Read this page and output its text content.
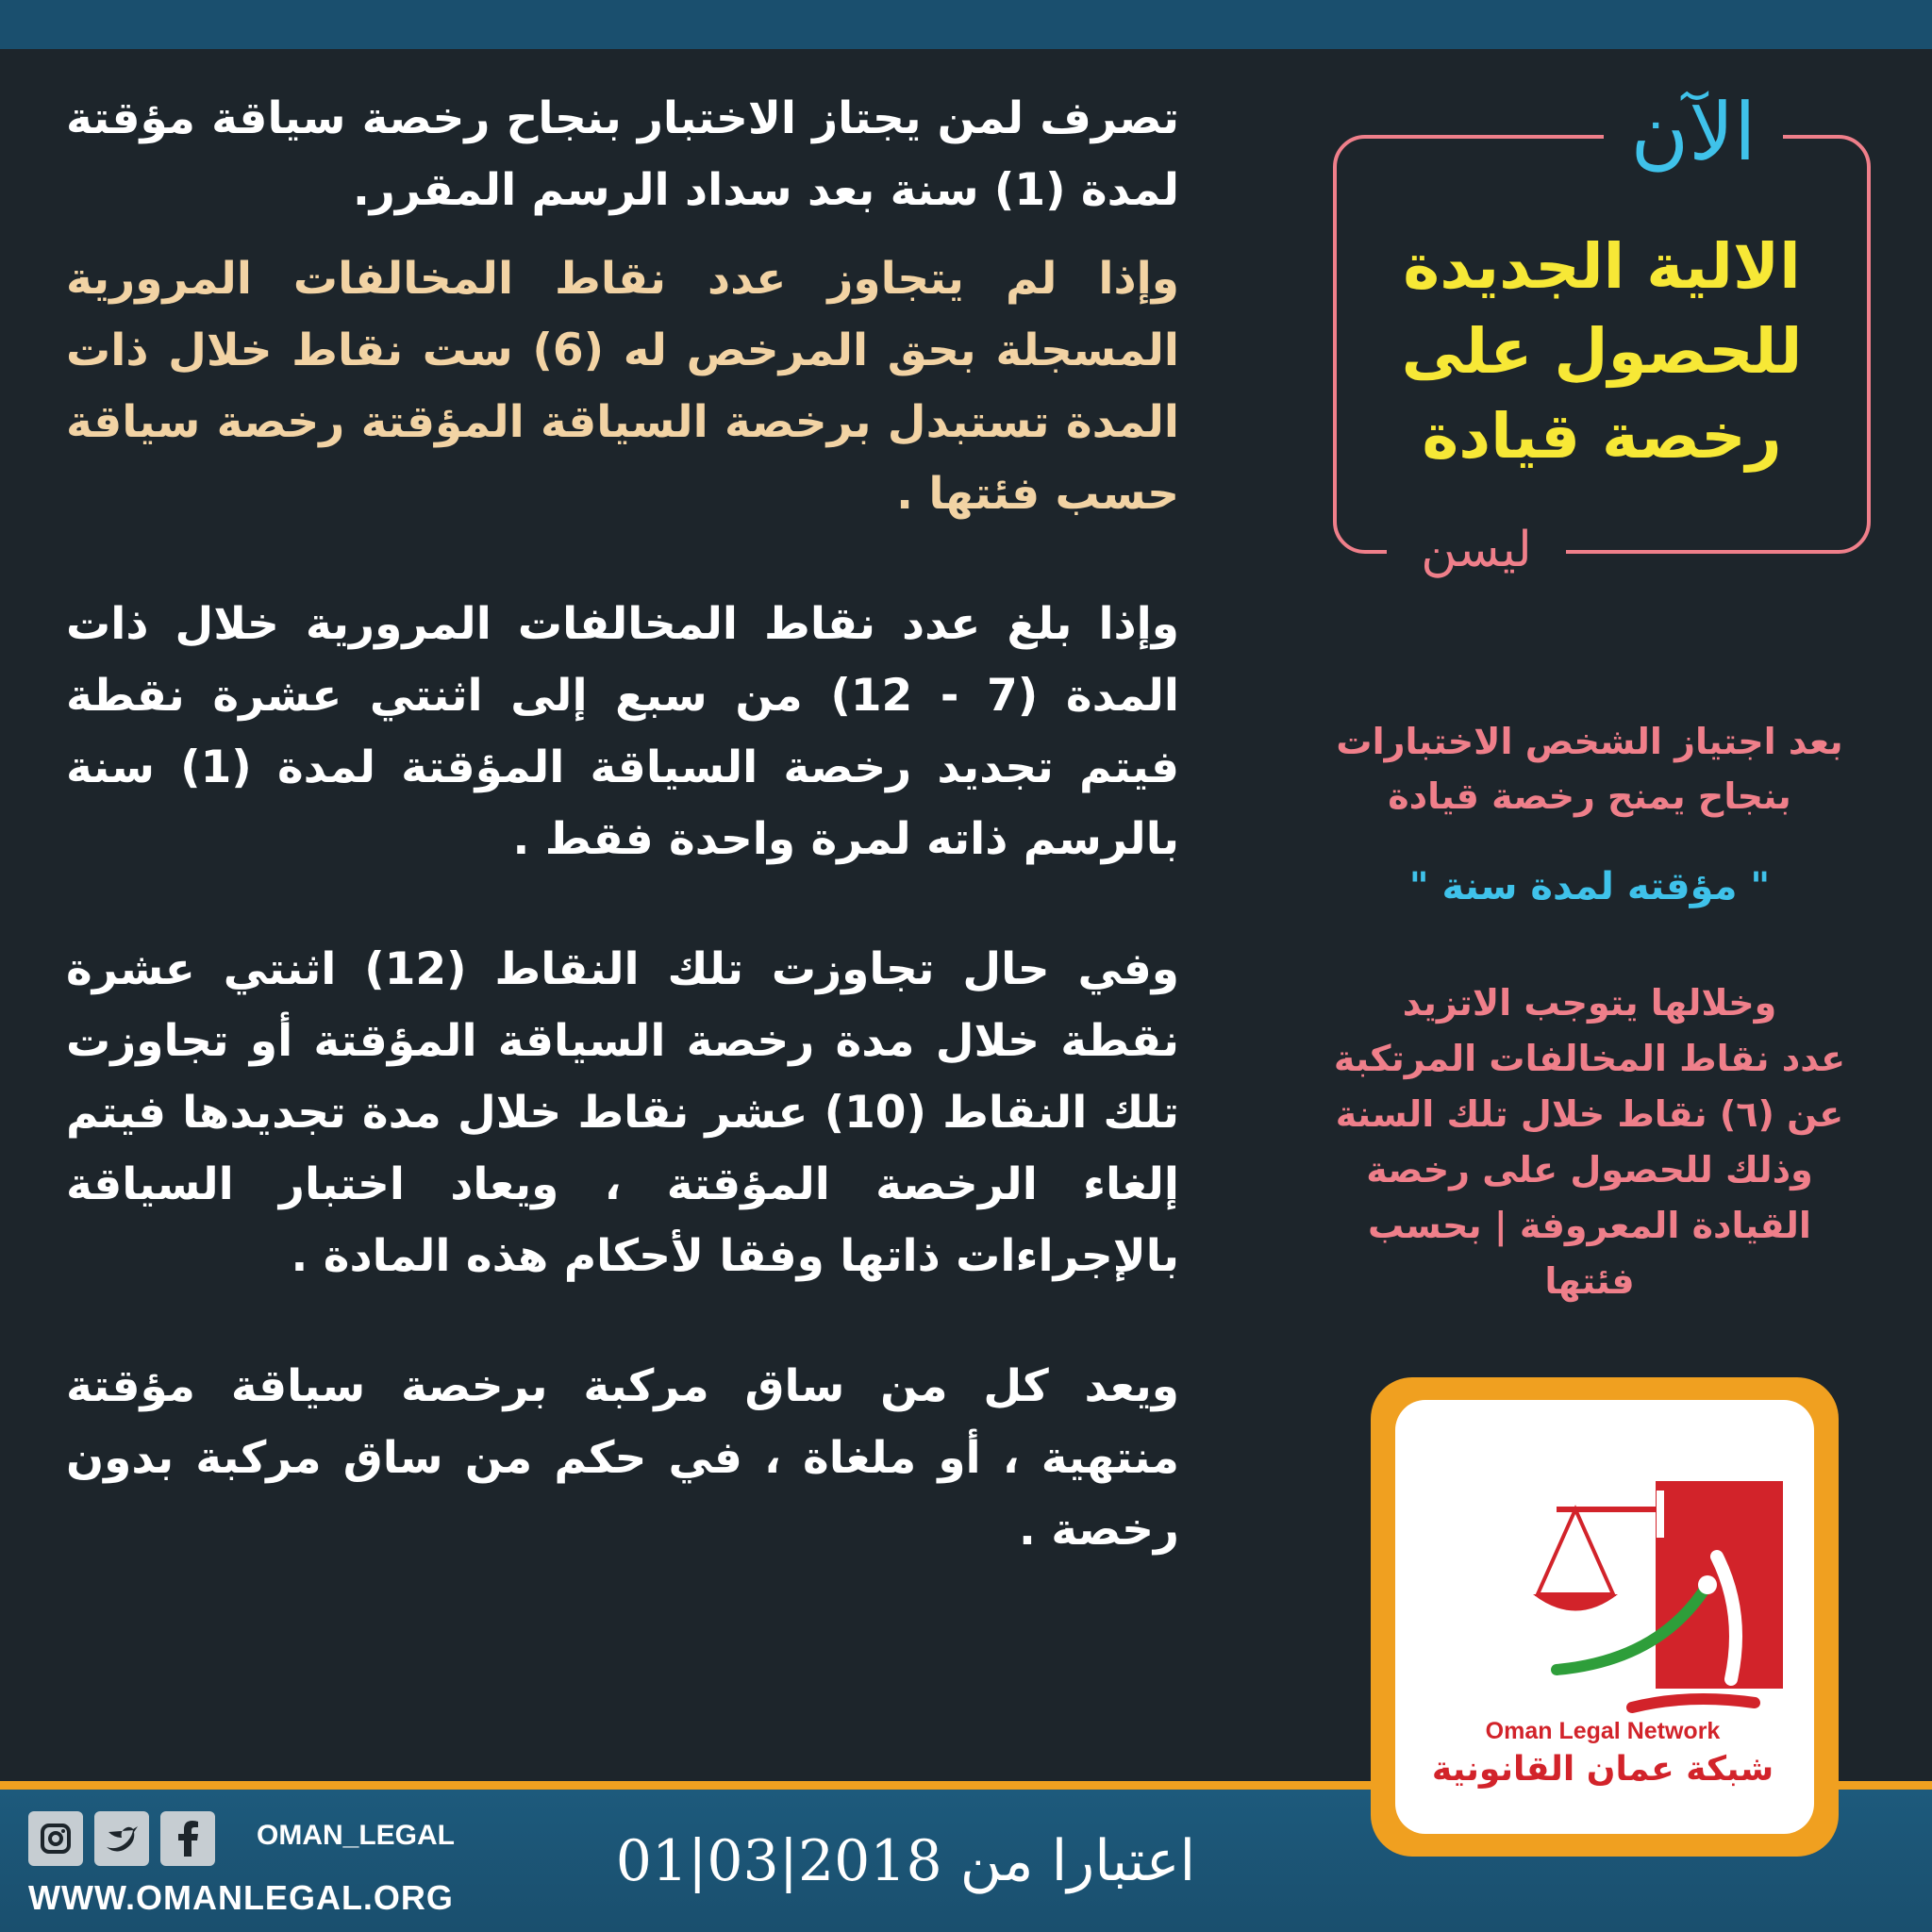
تصرف لمن يجتاز الاختبار بنجاح رخصة سياقة مؤقتة لمدة (1) سنة بعد سداد الرسم المقرر.

وإذا لم يتجاوز عدد نقاط المخالفات المرورية المسجلة بحق المرخص له (6) ست نقاط خلال ذات المدة تستبدل برخصة السياقة المؤقتة رخصة سياقة حسب فئتها .

وإذا بلغ عدد نقاط المخالفات المرورية خلال ذات المدة (7 - 12) من سبع إلى اثنتي عشرة نقطة فيتم تجديد رخصة السياقة المؤقتة لمدة (1) سنة بالرسم ذاته لمرة واحدة فقط .

وفي حال تجاوزت تلك النقاط (12) اثنتي عشرة نقطة خلال مدة رخصة السياقة المؤقتة أو تجاوزت تلك النقاط (10) عشر نقاط خلال مدة تجديدها فيتم إلغاء الرخصة المؤقتة ، ويعاد اختبار السياقة بالإجراءات ذاتها وفقا لأحكام هذه المادة .

ويعد كل من ساق مركبة برخصة سياقة مؤقتة منتهية ، أو ملغاة ، في حكم من ساق مركبة بدون رخصة .

الآن
الالية الجديدة
للحصول على
رخصة قيادة
ليسن
بعد اجتياز الشخص الاختبارات
بنجاح يمنح رخصة قيادة
" مؤقته لمدة سنة "
وخلالها يتوجب الاتزيد
عدد نقاط المخالفات المرتكبة
عن (٦) نقاط خلال تلك السنة
وذلك للحصول على رخصة
القيادة المعروفة | بحسب فئتها
Oman Legal Network
شبكة عمان القانونية
OMAN_LEGAL
WWW.OMANLEGAL.ORG
اعتبارا من 2018|03|01
